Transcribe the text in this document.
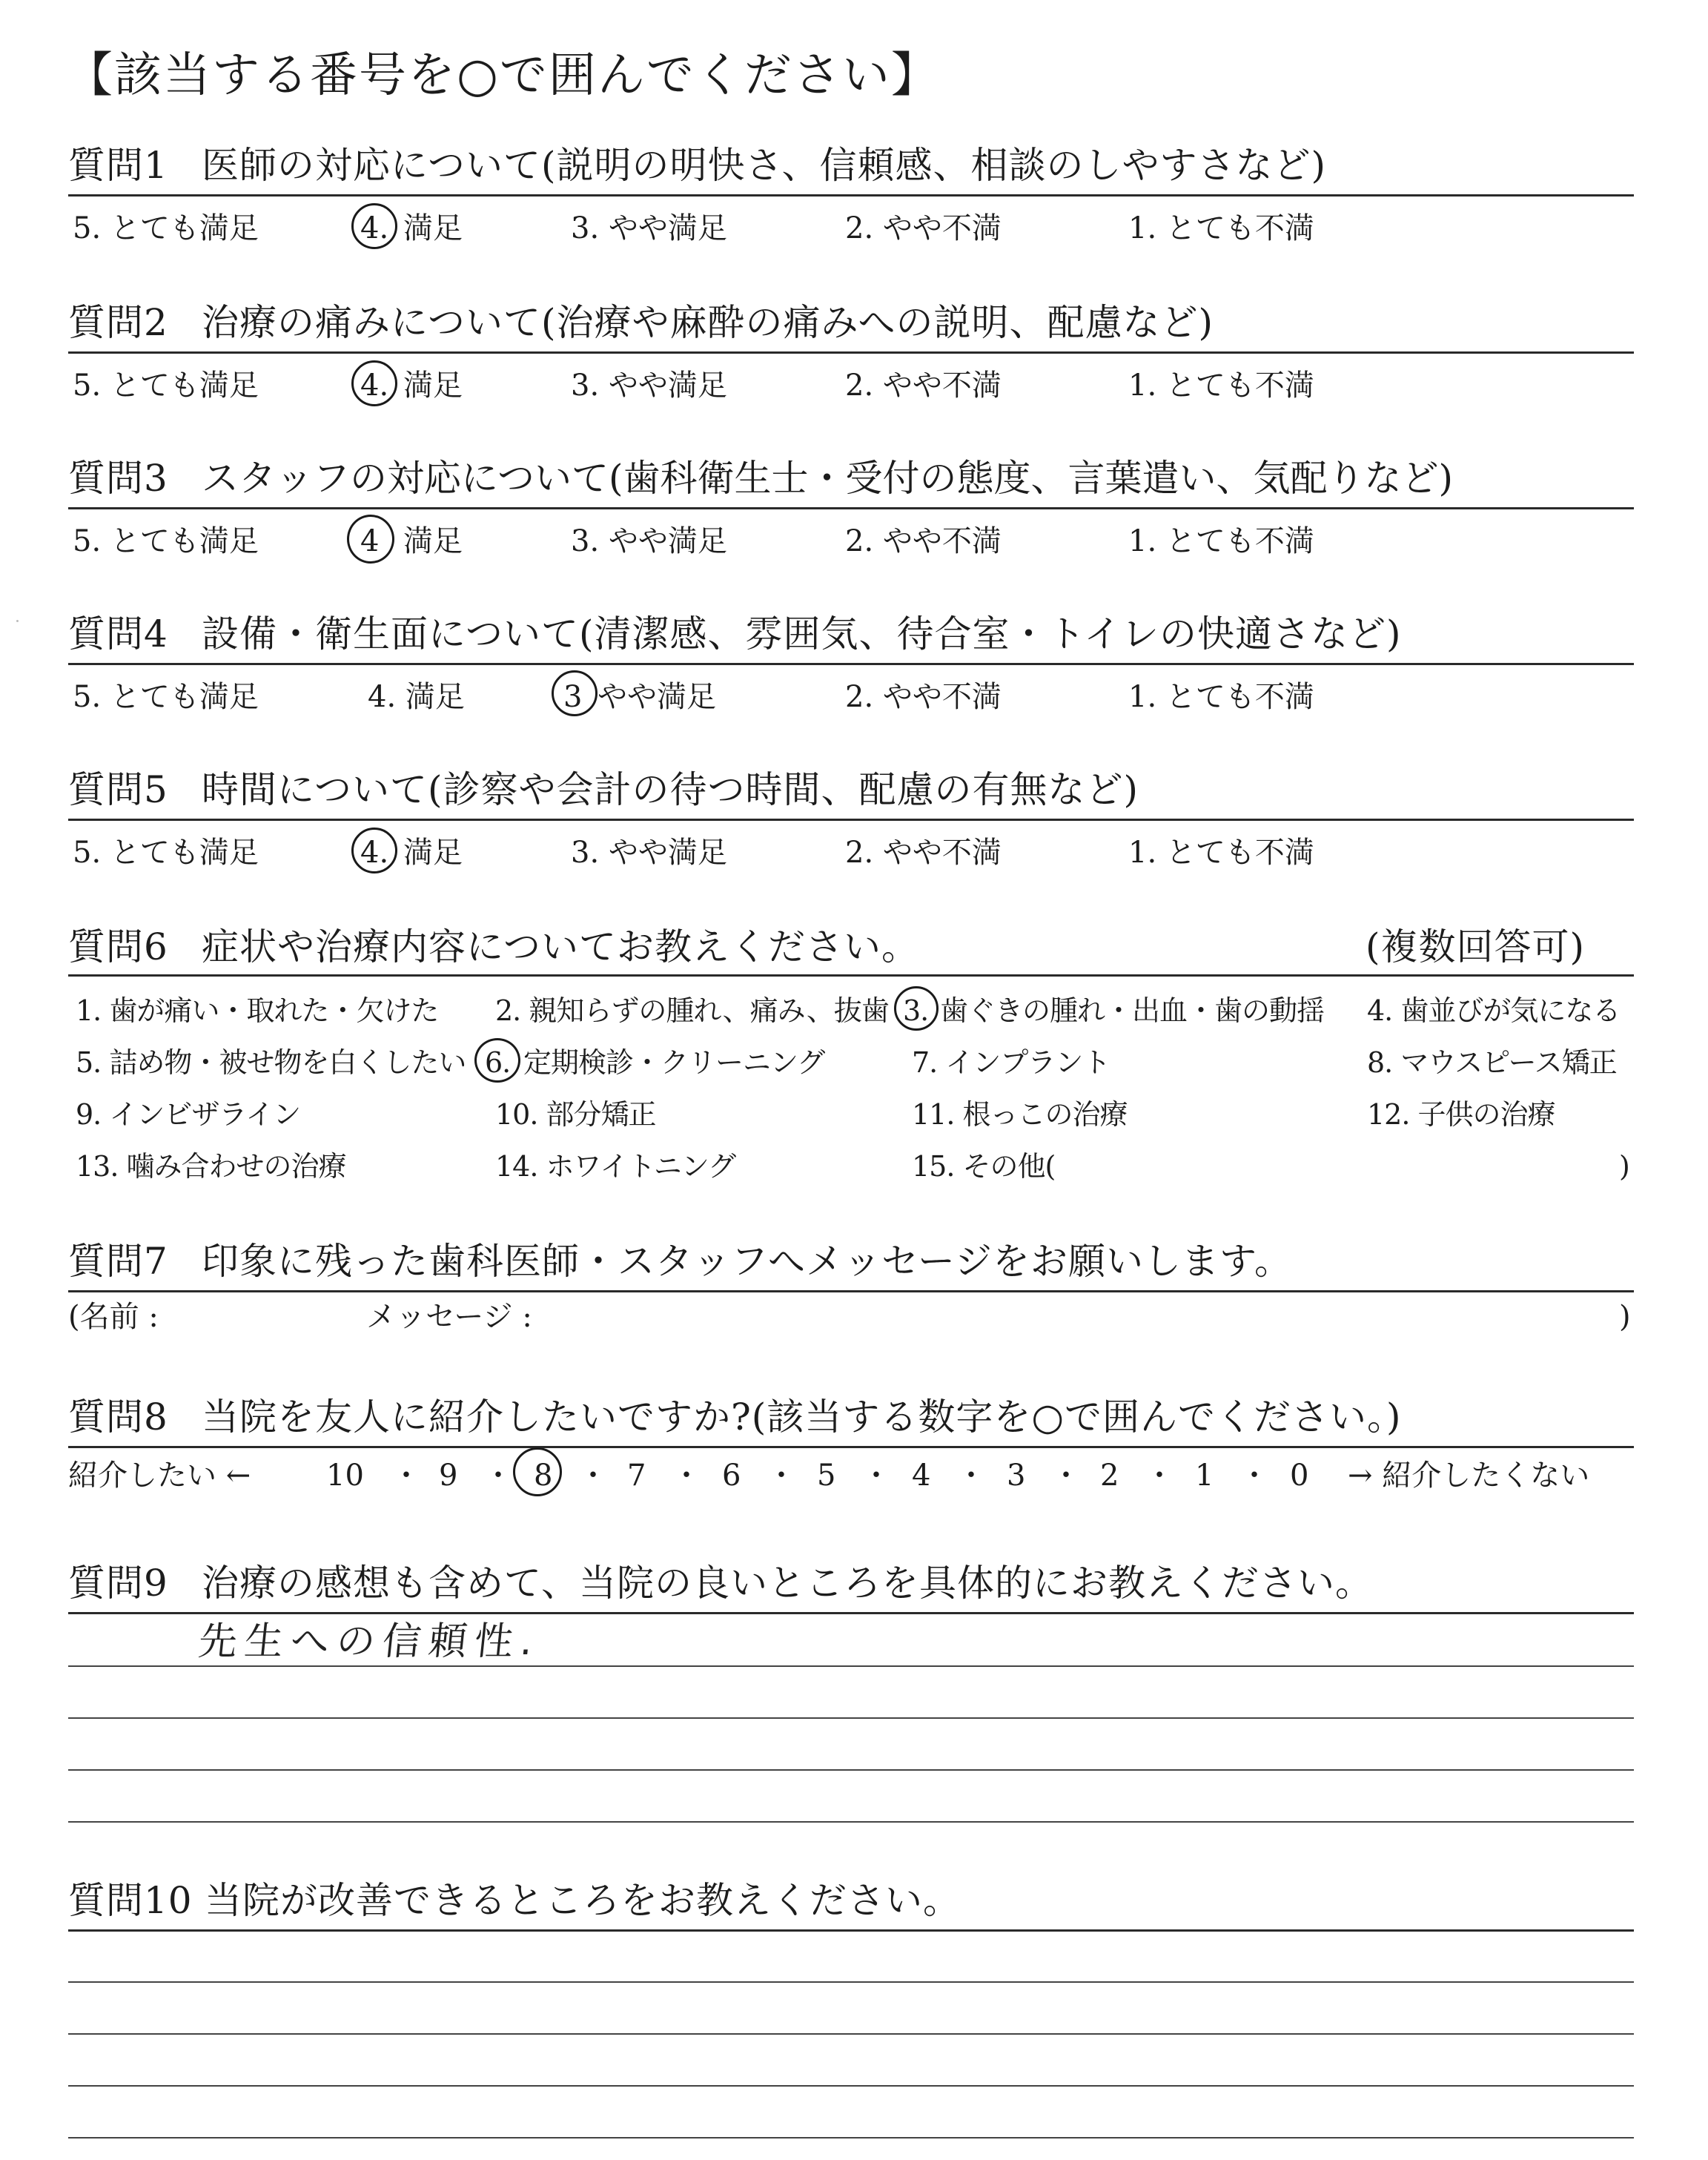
【該当する番号を○で囲んでください】
質問1 医師の対応について(説明の明快さ、信頼感、相談のしやすさなど)
5. とても満足	4. 満足	3. やや満足	2. やや不満	1. とても不満
質問2 治療の痛みについて(治療や麻酔の痛みへの説明、配慮など)
5. とても満足	4. 満足	3. やや満足	2. やや不満	1. とても不満
質問3 スタッフの対応について(歯科衛生士・受付の態度、言葉遣い、気配りなど)
5. とても満足	4 満足	3. やや満足	2. やや不満	1. とても不満
質問4 設備・衛生面について(清潔感、雰囲気、待合室・トイレの快適さなど)
5. とても満足	4. 満足	3 やや満足	2. やや不満	1. とても不満
質問5 時間について(診察や会計の待つ時間、配慮の有無など)
5. とても満足	4. 満足	3. やや満足	2. やや不満	1. とても不満
質問6 症状や治療内容についてお教えください。	(複数回答可)
1. 歯が痛い・取れた・欠けた 2. 親知らずの腫れ、痛み、抜歯 3. 歯ぐきの腫れ・出血・歯の動揺 4. 歯並びが気になる
5. 詰め物・被せ物を白くしたい 6. 定期検診・クリーニング	7. インプラント	8. マウスピース矯正
9. インビザライン	10. 部分矯正	11. 根っこの治療	12. 子供の治療
13. 噛み合わせの治療	14. ホワイトニング	15. その他(	)
質問7 印象に残った歯科医師・スタッフへメッセージをお願いします。
(名前 :	メッセージ :	)
質問8 当院を友人に紹介したいですか?(該当する数字を○で囲んでください。)
紹介したい ←	10 ・ 9 ・ 8 ・ 7 ・ 6 ・ 5 ・ 4 ・ 3 ・ 2 ・ 1 ・ 0 → 紹介したくない
質問9 治療の感想も含めて、当院の良いところを具体的にお教えください。
先生への信頼性.
質問10 当院が改善できるところをお教えください。
